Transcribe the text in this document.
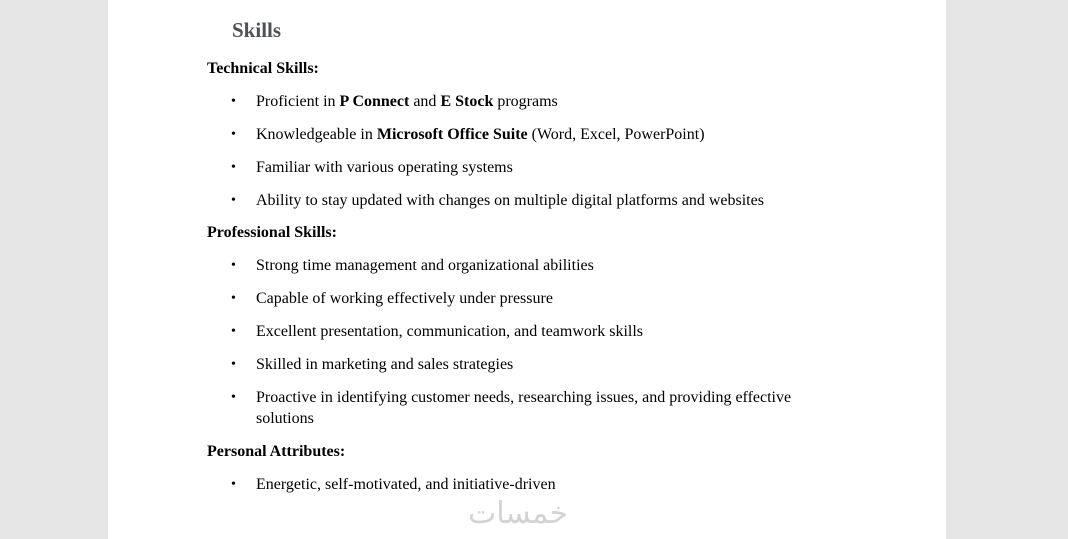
Skills
Technical Skills:
• Proficient in P Connect and E Stock programs
• Knowledgeable in Microsoft Office Suite (Word, Excel, PowerPoint)
• Familiar with various operating systems
• Ability to stay updated with changes on multiple digital platforms and websites
Professional Skills:
• Strong time management and organizational abilities
• Capable of working effectively under pressure
• Excellent presentation, communication, and teamwork skills
• Skilled in marketing and sales strategies
• Proactive in identifying customer needs, researching issues, and providing effective solutions
Personal Attributes:
• Energetic, self-motivated, and initiative-driven
خمسات
